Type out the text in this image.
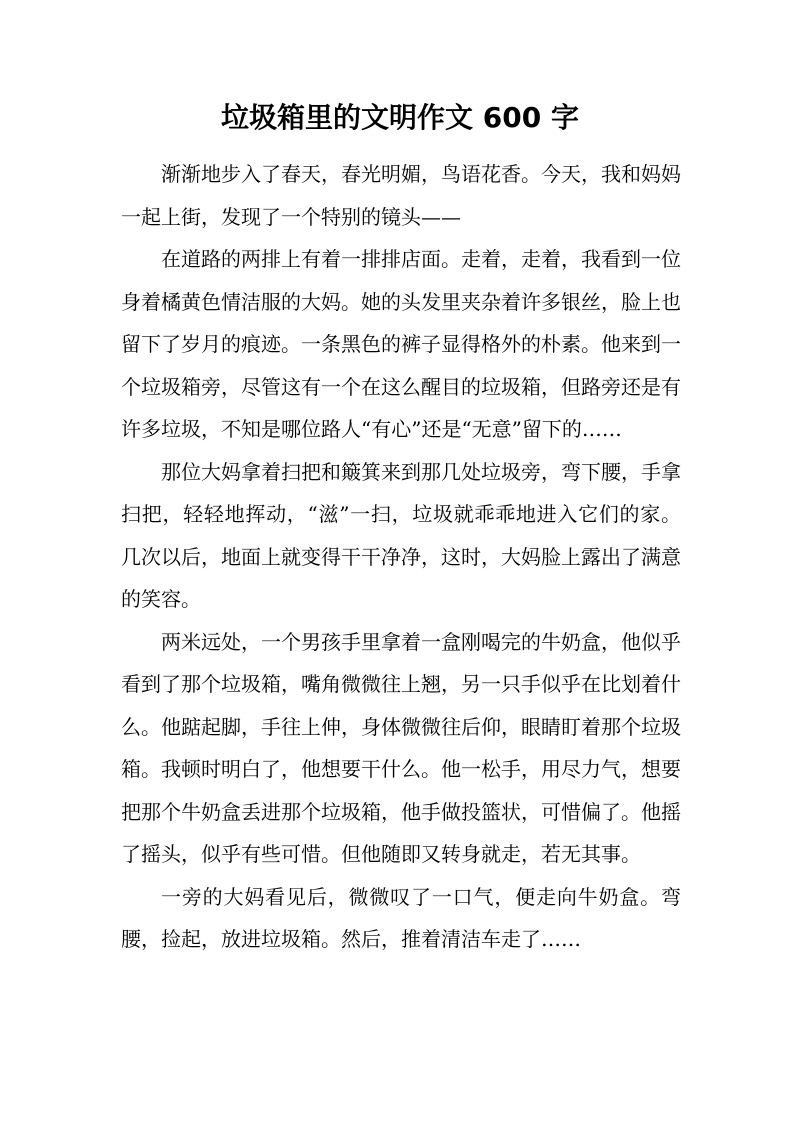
垃圾箱里的文明作文 600 字

渐渐地步入了春天，春光明媚，鸟语花香。今天，我和妈妈一起上街，发现了一个特别的镜头——

在道路的两排上有着一排排店面。走着，走着，我看到一位身着橘黄色情洁服的大妈。她的头发里夹杂着许多银丝，脸上也留下了岁月的痕迹。一条黑色的裤子显得格外的朴素。他来到一个垃圾箱旁，尽管这有一个在这么醒目的垃圾箱，但路旁还是有许多垃圾，不知是哪位路人“有心”还是“无意”留下的……

那位大妈拿着扫把和簸箕来到那几处垃圾旁，弯下腰，手拿扫把，轻轻地挥动，“滋”一扫，垃圾就乖乖地进入它们的家。几次以后，地面上就变得干干净净，这时，大妈脸上露出了满意的笑容。

两米远处，一个男孩手里拿着一盒刚喝完的牛奶盒，他似乎看到了那个垃圾箱，嘴角微微往上翘，另一只手似乎在比划着什么。他踮起脚，手往上伸，身体微微往后仰，眼睛盯着那个垃圾箱。我顿时明白了，他想要干什么。他一松手，用尽力气，想要把那个牛奶盒丢进那个垃圾箱，他手做投篮状，可惜偏了。他摇了摇头，似乎有些可惜。但他随即又转身就走，若无其事。

一旁的大妈看见后，微微叹了一口气，便走向牛奶盒。弯腰，捡起，放进垃圾箱。然后，推着清洁车走了……
